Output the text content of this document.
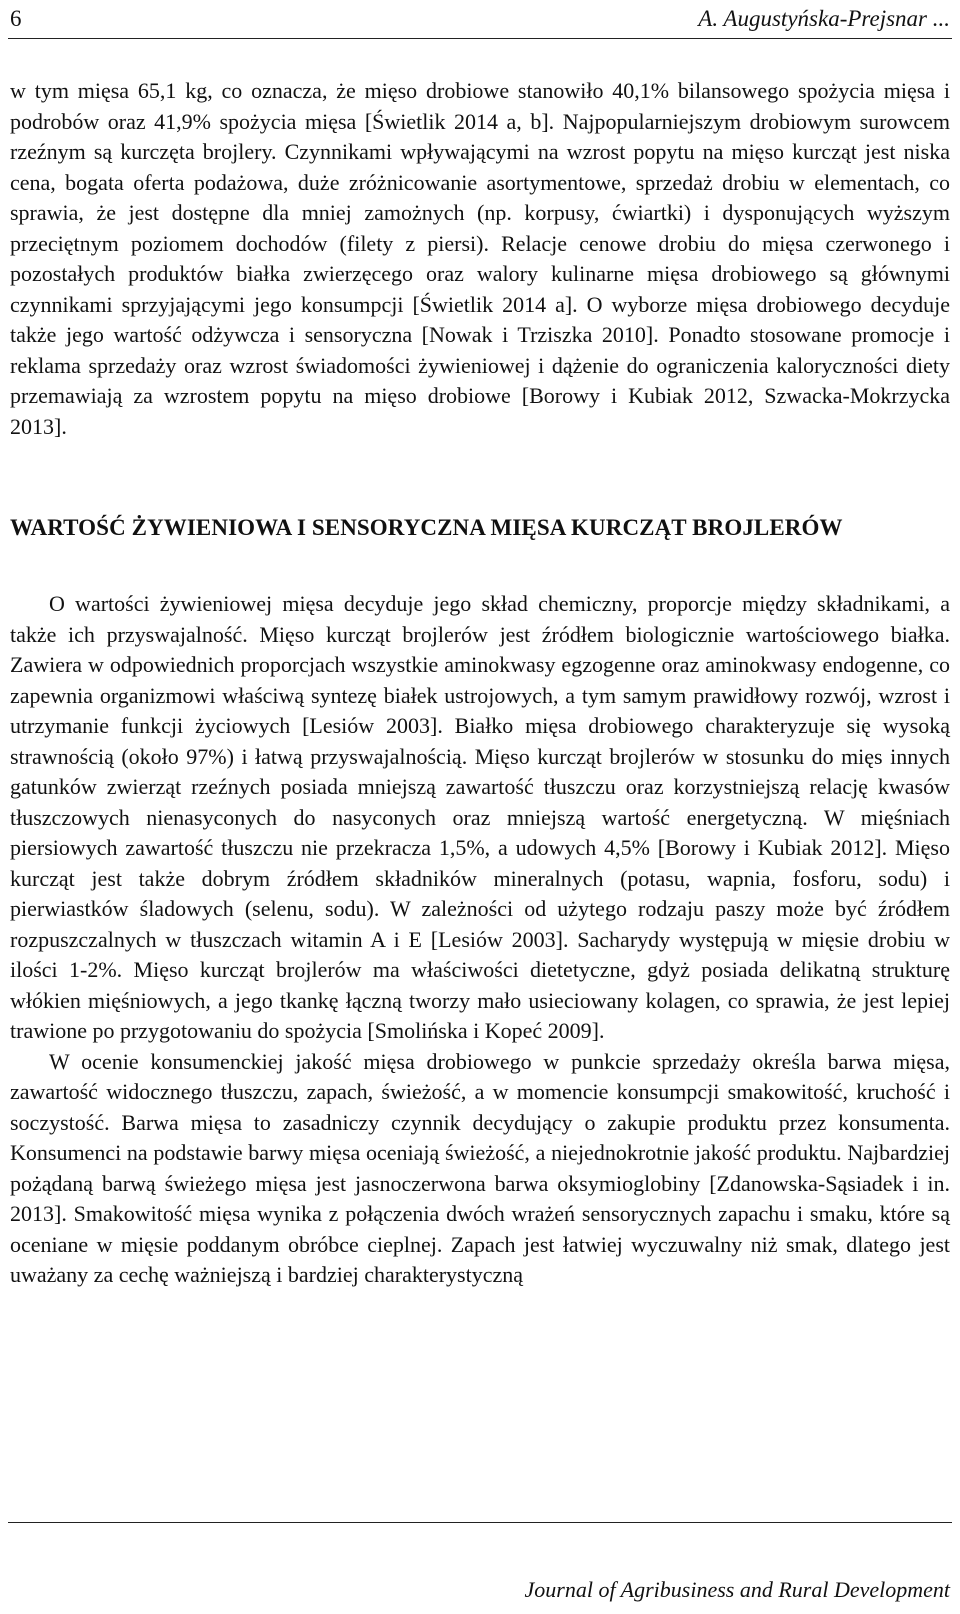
6	A. Augustyńska-Prejsnar ...

w tym mięsa 65,1 kg, co oznacza, że mięso drobiowe stanowiło 40,1% bilansowego spożycia mięsa i podrobów oraz 41,9% spożycia mięsa [Świetlik 2014 a, b]. Najpopularniejszym drobiowym surowcem rzeźnym są kurczęta brojlery. Czynnikami wpływającymi na wzrost popytu na mięso kurcząt jest niska cena, bogata oferta podażowa, duże zróżnicowanie asortymentowe, sprzedaż drobiu w elementach, co sprawia, że jest dostępne dla mniej zamożnych (np. korpusy, ćwiartki) i dysponujących wyższym przeciętnym poziomem dochodów (filety z piersi). Relacje cenowe drobiu do mięsa czerwonego i pozostałych produktów białka zwierzęcego oraz walory kulinarne mięsa drobiowego są głównymi czynnikami sprzyjającymi jego konsumpcji [Świetlik 2014 a]. O wyborze mięsa drobiowego decyduje także jego wartość odżywcza i sensoryczna [Nowak i Trziszka 2010]. Ponadto stosowane promocje i reklama sprzedaży oraz wzrost świadomości żywieniowej i dążenie do ograniczenia kaloryczności diety przemawiają za wzrostem popytu na mięso drobiowe [Borowy i Kubiak 2012, Szwacka-Mokrzycka 2013].

WARTOŚĆ ŻYWIENIOWA I SENSORYCZNA MIĘSA KURCZĄT BROJLERÓW

O wartości żywieniowej mięsa decyduje jego skład chemiczny, proporcje między składnikami, a także ich przyswajalność. Mięso kurcząt brojlerów jest źródłem biologicznie wartościowego białka. Zawiera w odpowiednich proporcjach wszystkie aminokwasy egzogenne oraz aminokwasy endogenne, co zapewnia organizmowi właściwą syntezę białek ustrojowych, a tym samym prawidłowy rozwój, wzrost i utrzymanie funkcji życiowych [Lesiów 2003]. Białko mięsa drobiowego charakteryzuje się wysoką strawnością (około 97%) i łatwą przyswajalnością. Mięso kurcząt brojlerów w stosunku do mięs innych gatunków zwierząt rzeźnych posiada mniejszą zawartość tłuszczu oraz korzystniejszą relację kwasów tłuszczowych nienasyconych do nasyconych oraz mniejszą wartość energetyczną. W mięśniach piersiowych zawartość tłuszczu nie przekracza 1,5%, a udowych 4,5% [Borowy i Kubiak 2012]. Mięso kurcząt jest także dobrym źródłem składników mineralnych (potasu, wapnia, fosforu, sodu) i pierwiastków śladowych (selenu, sodu). W zależności od użytego rodzaju paszy może być źródłem rozpuszczalnych w tłuszczach witamin A i E [Lesiów 2003]. Sacharydy występują w mięsie drobiu w ilości 1-2%. Mięso kurcząt brojlerów ma właściwości dietetyczne, gdyż posiada delikatną strukturę włókien mięśniowych, a jego tkankę łączną tworzy mało usieciowany kolagen, co sprawia, że jest lepiej trawione po przygotowaniu do spożycia [Smolińska i Kopeć 2009].

W ocenie konsumenckiej jakość mięsa drobiowego w punkcie sprzedaży określa barwa mięsa, zawartość widocznego tłuszczu, zapach, świeżość, a w momencie konsumpcji smakowitość, kruchość i soczystość. Barwa mięsa to zasadniczy czynnik decydujący o zakupie produktu przez konsumenta. Konsumenci na podstawie barwy mięsa oceniają świeżość, a niejednokrotnie jakość produktu. Najbardziej pożądaną barwą świeżego mięsa jest jasnoczerwona barwa oksymioglobiny [Zdanowska-Sąsiadek i in. 2013]. Smakowitość mięsa wynika z połączenia dwóch wrażeń sensorycznych zapachu i smaku, które są oceniane w mięsie poddanym obróbce cieplnej. Zapach jest łatwiej wyczuwalny niż smak, dlatego jest uważany za cechę ważniejszą i bardziej charakterystyczną

Journal of Agribusiness and Rural Development
